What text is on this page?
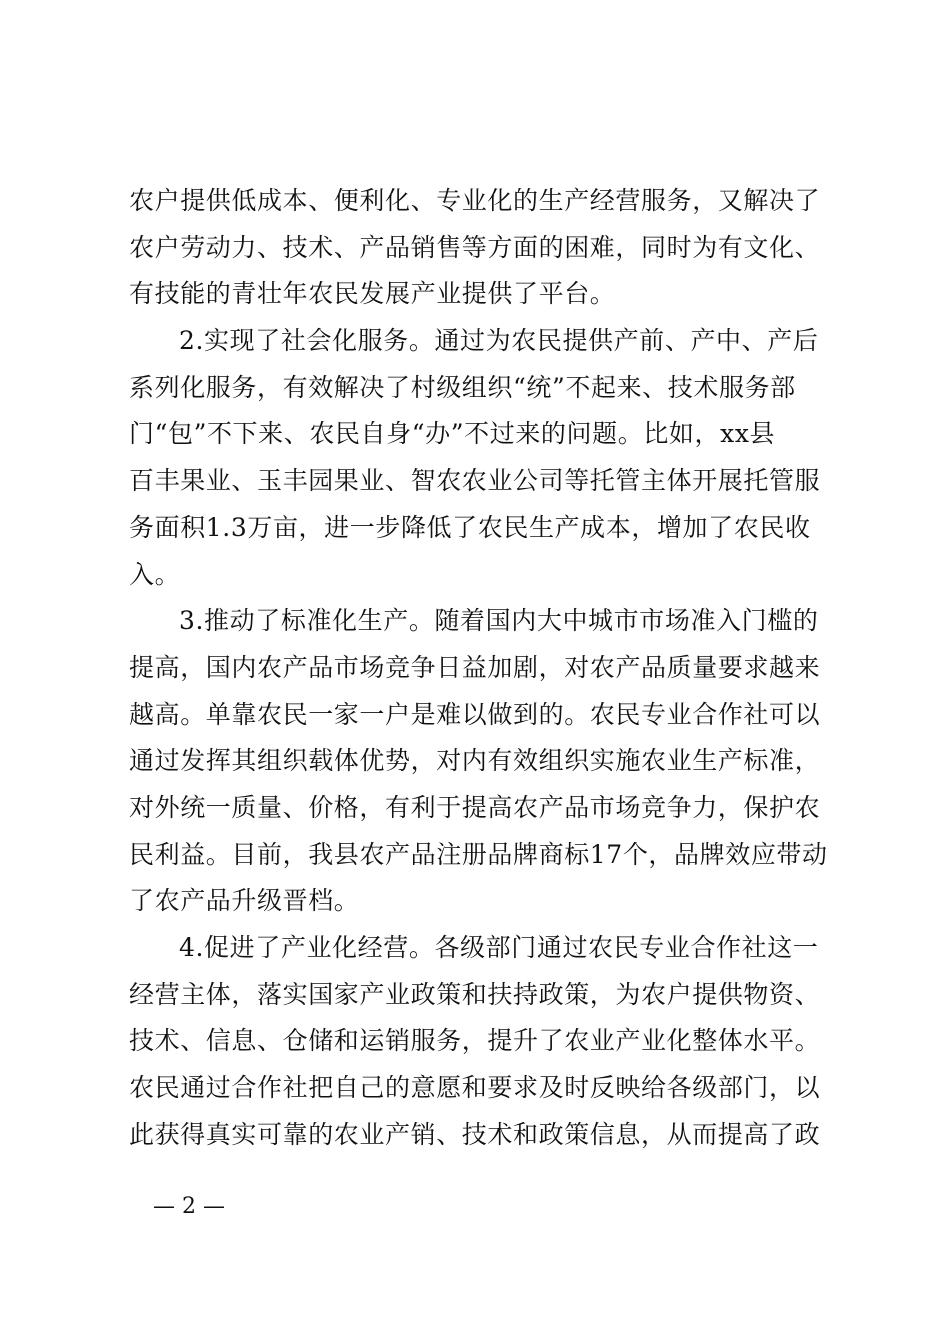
农户提供低成本、便利化、专业化的生产经营服务，又解决了
农户劳动力、技术、产品销售等方面的困难，同时为有文化、
有技能的青壮年农民发展产业提供了平台。
2.实现了社会化服务。通过为农民提供产前、产中、产后
系列化服务，有效解决了村级组织“统”不起来、技术服务部
门“包”不下来、农民自身“办”不过来的问题。比如，xx县
百丰果业、玉丰园果业、智农农业公司等托管主体开展托管服
务面积1.3万亩，进一步降低了农民生产成本，增加了农民收
入。
3.推动了标准化生产。随着国内大中城市市场准入门槛的
提高，国内农产品市场竞争日益加剧，对农产品质量要求越来
越高。单靠农民一家一户是难以做到的。农民专业合作社可以
通过发挥其组织载体优势，对内有效组织实施农业生产标准，
对外统一质量、价格，有利于提高农产品市场竞争力，保护农
民利益。目前，我县农产品注册品牌商标17个，品牌效应带动
了农产品升级晋档。
4.促进了产业化经营。各级部门通过农民专业合作社这一
经营主体，落实国家产业政策和扶持政策，为农户提供物资、
技术、信息、仓储和运销服务，提升了农业产业化整体水平。
农民通过合作社把自己的意愿和要求及时反映给各级部门，以
此获得真实可靠的农业产销、技术和政策信息，从而提高了政
— 2 —
